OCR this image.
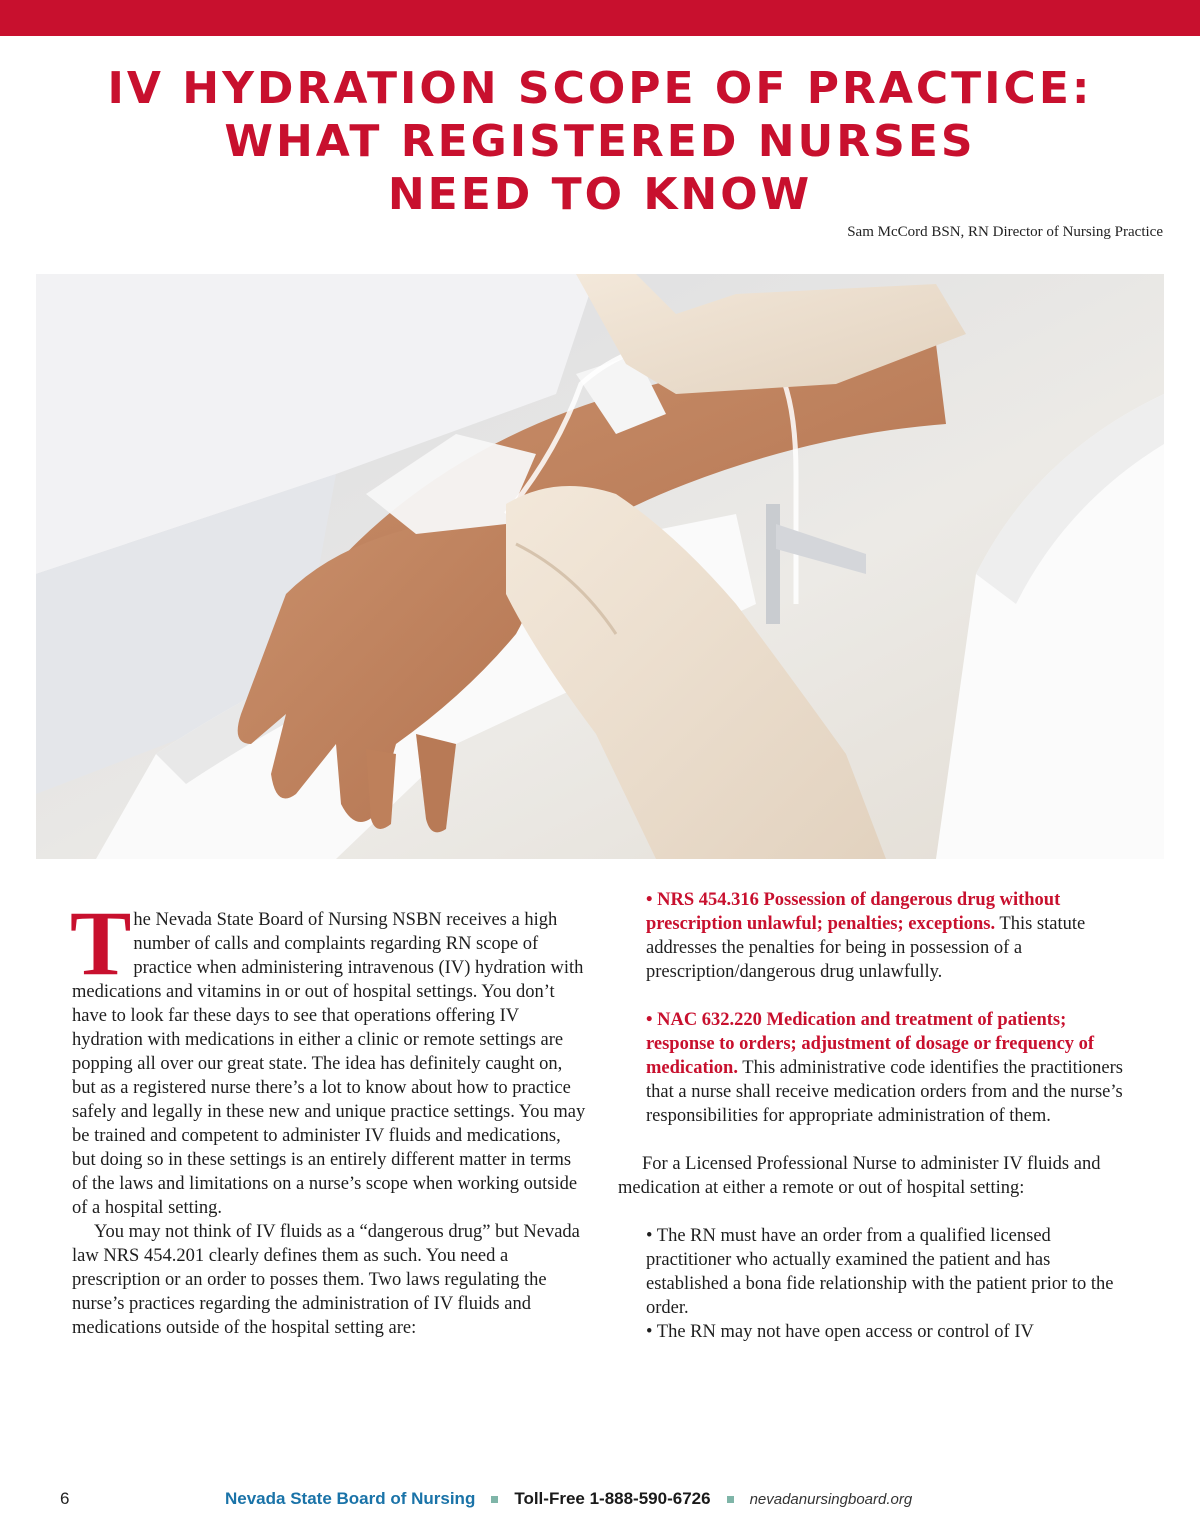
IV HYDRATION SCOPE OF PRACTICE:
WHAT REGISTERED NURSES
NEED TO KNOW
Sam McCord BSN, RN Director of Nursing Practice

The Nevada State Board of Nursing NSBN receives a high number of calls and complaints regarding RN scope of practice when administering intravenous (IV) hydration with medications and vitamins in or out of hospital settings. You don’t have to look far these days to see that operations offering IV hydration with medications in either a clinic or remote settings are popping all over our great state. The idea has definitely caught on, but as a registered nurse there’s a lot to know about how to practice safely and legally in these new and unique practice settings. You may be trained and competent to administer IV fluids and medications, but doing so in these settings is an entirely different matter in terms of the laws and limitations on a nurse’s scope when working outside of a hospital setting.

You may not think of IV fluids as a “dangerous drug” but Nevada law NRS 454.201 clearly defines them as such. You need a prescription or an order to posses them. Two laws regulating the nurse’s practices regarding the administration of IV fluids and medications outside of the hospital setting are:

• NRS 454.316 Possession of dangerous drug without prescription unlawful; penalties; exceptions. This statute addresses the penalties for being in possession of a prescription/dangerous drug unlawfully.

• NAC 632.220 Medication and treatment of patients; response to orders; adjustment of dosage or frequency of medication. This administrative code identifies the practitioners that a nurse shall receive medication orders from and the nurse’s responsibilities for appropriate administration of them.

For a Licensed Professional Nurse to administer IV fluids and medication at either a remote or out of hospital setting:

• The RN must have an order from a qualified licensed practitioner who actually examined the patient and has established a bona fide relationship with the patient prior to the order.

• The RN may not have open access or control of IV

6	Nevada State Board of Nursing Toll-Free 1-888-590-6726	nevadanursingboard.org
